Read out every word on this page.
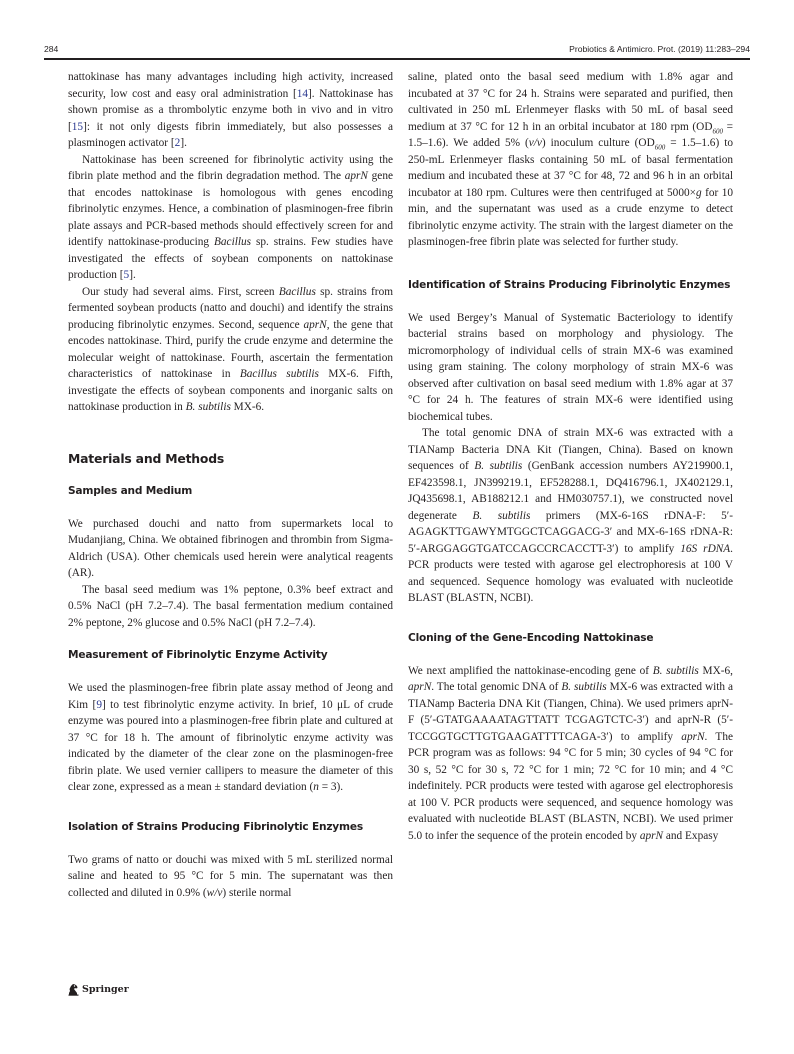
284	Probiotics & Antimicro. Prot. (2019) 11:283–294

nattokinase has many advantages including high activity, increased security, low cost and easy oral administration [14]. Nattokinase has shown promise as a thrombolytic enzyme both in vivo and in vitro [15]: it not only digests fibrin immediately, but also possesses a plasminogen activator [2].

Nattokinase has been screened for fibrinolytic activity using the fibrin plate method and the fibrin degradation method. The aprN gene that encodes nattokinase is homologous with genes encoding fibrinolytic enzymes. Hence, a combination of plasminogen-free fibrin plate assays and PCR-based methods should effectively screen for and identify nattokinase-producing Bacillus sp. strains. Few studies have investigated the effects of soybean components on nattokinase production [5].

Our study had several aims. First, screen Bacillus sp. strains from fermented soybean products (natto and douchi) and identify the strains producing fibrinolytic enzymes. Second, sequence aprN, the gene that encodes nattokinase. Third, purify the crude enzyme and determine the molecular weight of nattokinase. Fourth, ascertain the fermentation characteristics of nattokinase in Bacillus subtilis MX-6. Fifth, investigate the effects of soybean components and inorganic salts on nattokinase production in B. subtilis MX-6.

Materials and Methods
Samples and Medium

We purchased douchi and natto from supermarkets local to Mudanjiang, China. We obtained fibrinogen and thrombin from Sigma-Aldrich (USA). Other chemicals used herein were analytical reagents (AR).

The basal seed medium was 1% peptone, 0.3% beef extract and 0.5% NaCl (pH 7.2–7.4). The basal fermentation medium contained 2% peptone, 2% glucose and 0.5% NaCl (pH 7.2–7.4).

Measurement of Fibrinolytic Enzyme Activity

We used the plasminogen-free fibrin plate assay method of Jeong and Kim [9] to test fibrinolytic enzyme activity. In brief, 10 μL of crude enzyme was poured into a plasminogen-free fibrin plate and cultured at 37 °C for 18 h. The amount of fibrinolytic enzyme activity was indicated by the diameter of the clear zone on the plasminogen-free fibrin plate. We used vernier callipers to measure the diameter of this clear zone, expressed as a mean ± standard deviation (n = 3).

Isolation of Strains Producing Fibrinolytic Enzymes

Two grams of natto or douchi was mixed with 5 mL sterilized normal saline and heated to 95 °C for 5 min. The supernatant was then collected and diluted in 0.9% (w/v) sterile normal

saline, plated onto the basal seed medium with 1.8% agar and incubated at 37 °C for 24 h. Strains were separated and purified, then cultivated in 250 mL Erlenmeyer flasks with 50 mL of basal seed medium at 37 °C for 12 h in an orbital incubator at 180 rpm $(OD_{600} = 1.5-1.6)$. We added 5% (v/v) inoculum culture $(OD_{600} = 1.5-1.6)$ to 250-mL Erlenmeyer flasks containing 50 mL of basal fermentation medium and incubated these at 37 °C for 48, 72 and 96 h in an orbital incubator at 180 rpm. Cultures were then centrifuged at 5000×g for 10 min, and the supernatant was used as a crude enzyme to detect fibrinolytic enzyme activity. The strain with the largest diameter on the plasminogen-free fibrin plate was selected for further study.

Identification of Strains Producing Fibrinolytic Enzymes

We used Bergey’s Manual of Systematic Bacteriology to identify bacterial strains based on morphology and physiology. The micromorphology of individual cells of strain MX-6 was examined using gram staining. The colony morphology of strain MX-6 was observed after cultivation on basal seed medium with 1.8% agar at 37 °C for 24 h. The features of strain MX-6 were identified using biochemical tubes.

The total genomic DNA of strain MX-6 was extracted with a TIANamp Bacteria DNA Kit (Tiangen, China). Based on known sequences of B. subtilis (GenBank accession numbers AY219900.1, EF423598.1, JN399219.1, EF528288.1, DQ416796.1, JX402129.1, JQ435698.1, AB188212.1 and HM030757.1), we constructed novel degenerate B. subtilis primers (MX-6-16S rDNA-F: 5′-AGAGKTTGAWYMTGGCTCAGGACG-3′ and MX-6-16S rDNA-R: 5′-ARGGAGGTGATCCAGCCRCACCTT-3′) to amplify 16S rDNA. PCR products were tested with agarose gel electrophoresis at 100 V and sequenced. Sequence homology was evaluated with nucleotide BLAST (BLASTN, NCBI).

Cloning of the Gene-Encoding Nattokinase

We next amplified the nattokinase-encoding gene of B. subtilis MX-6, aprN. The total genomic DNA of B. subtilis MX-6 was extracted with a TIANamp Bacteria DNA Kit (Tiangen, China). We used primers aprN-F (5′-GTATGAAAATAGTTATT TCGAGTCTC-3′) and aprN-R (5′-TCCGGTGCTTGTGAAGATTTTCAGA-3′) to amplify aprN. The PCR program was as follows: 94 °C for 5 min; 30 cycles of 94 °C for 30 s, 52 °C for 30 s, 72 °C for 1 min; 72 °C for 10 min; and 4 °C indefinitely. PCR products were tested with agarose gel electrophoresis at 100 V. PCR products were sequenced, and sequence homology was evaluated with nucleotide BLAST (BLASTN, NCBI). We used primer 5.0 to infer the sequence of the protein encoded by aprN and Expasy

Springer
